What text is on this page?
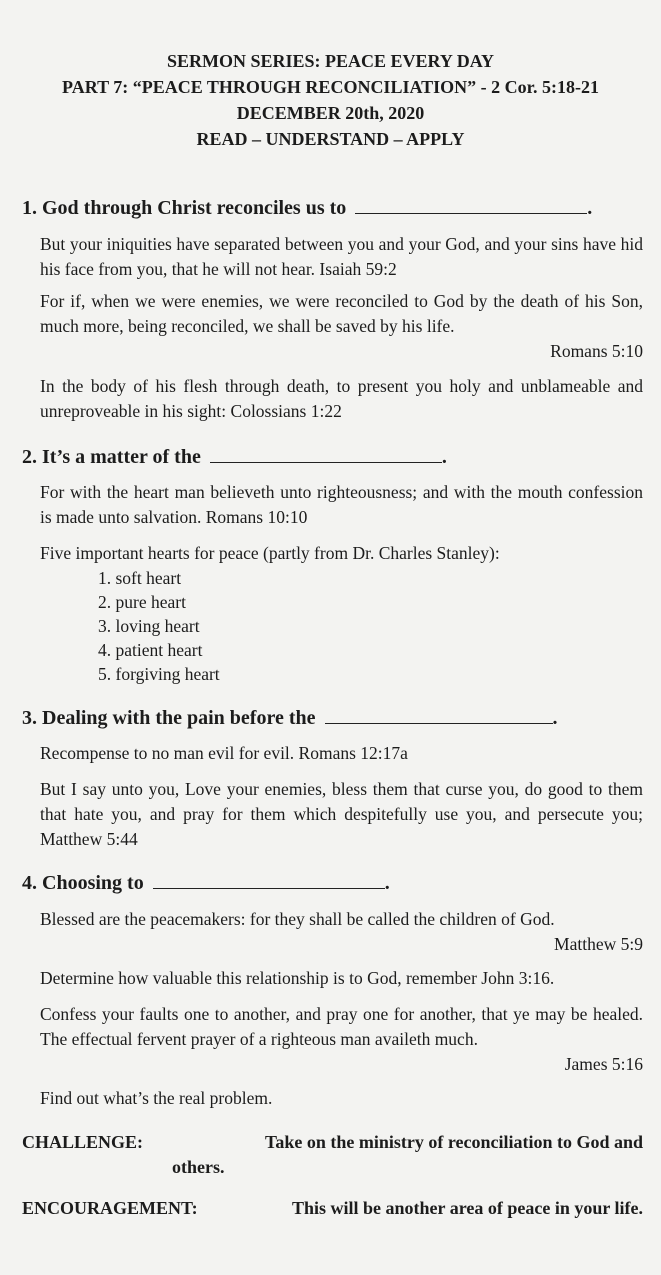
SERMON SERIES: PEACE EVERY DAY

PART 7: “PEACE THROUGH RECONCILIATION” - 2 Cor. 5:18-21

DECEMBER 20th, 2020

READ – UNDERSTAND – APPLY

1. God through Christ reconciles us to	.
But your iniquities have separated between you and your God, and your sins have hid his face from you, that he will not hear. Isaiah 59:2
For if, when we were enemies, we were reconciled to God by the death of his Son, much more, being reconciled, we shall be saved by his life.
Romans 5:10
In the body of his flesh through death, to present you holy and unblameable and unreproveable in his sight: Colossians 1:22
2. It’s a matter of the	.
For with the heart man believeth unto righteousness; and with the mouth confession is made unto salvation. Romans 10:10
Five important hearts for peace (partly from Dr. Charles Stanley):
1. soft heart
2. pure heart
3. loving heart
4. patient heart
5. forgiving heart
3. Dealing with the pain before the	.
Recompense to no man evil for evil. Romans 12:17a
But I say unto you, Love your enemies, bless them that curse you, do good to them that hate you, and pray for them which despitefully use you, and persecute you; Matthew 5:44
4. Choosing to	.
Blessed are the peacemakers: for they shall be called the children of God.
Matthew 5:9
Determine how valuable this relationship is to God, remember John 3:16.
Confess your faults one to another, and pray one for another, that ye may be healed. The effectual fervent prayer of a righteous man availeth much.
James 5:16
Find out what’s the real problem.
CHALLENGE:	Take on the ministry of reconciliation to God and
others.
ENCOURAGEMENT:	This will be another area of peace in your life.
